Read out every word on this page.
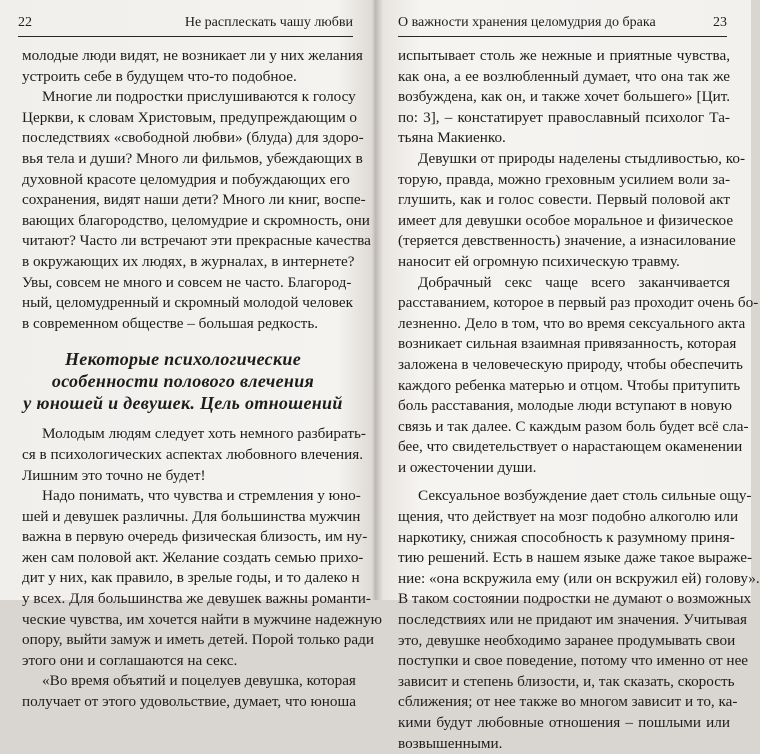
22	Не расплескать чашу любви
молодые люди видят, не возникает ли у них желания
устроить себе в будущем что-то подобное.
Многие ли подростки прислушиваются к голосу
Церкви, к словам Христовым, предупреждающим о
последствиях «свободной любви» (блуда) для здоро-
вья тела и души? Много ли фильмов, убеждающих в
духовной красоте целомудрия и побуждающих его
сохранения, видят наши дети? Много ли книг, воспе-
вающих благородство, целомудрие и скромность, они
читают? Часто ли встречают эти прекрасные качества
в окружающих их людях, в журналах, в интернете?
Увы, совсем не много и совсем не часто. Благород-
ный, целомудренный и скромный молодой человек
в современном обществе – большая редкость.
Некоторые психологические
особенности полового влечения
у юношей и девушек. Цель отношений
Молодым людям следует хоть немного разбирать-
ся в психологических аспектах любовного влечения.
Лишним это точно не будет!
Надо понимать, что чувства и стремления у юно-
шей и девушек различны. Для большинства мужчин
важна в первую очередь физическая близость, им ну-
жен сам половой акт. Желание создать семью прихо-
дит у них, как правило, в зрелые годы, и то далеко н
у всех. Для большинства же девушек важны романти-
ческие чувства, им хочется найти в мужчине надежную
опору, выйти замуж и иметь детей. Порой только ради
этого они и соглашаются на секс.
«Во время объятий и поцелуев девушка, которая
получает от этого удовольствие, думает, что юноша
О важности хранения целомудрия до брака	23
испытывает столь же нежные и приятные чувства,
как она, а ее возлюбленный думает, что она так же
возбуждена, как он, и также хочет большего» [Цит.
по: 3], – констатирует православный психолог Та-
тьяна Макиенко.
Девушки от природы наделены стыдливостью, ко-
торую, правда, можно греховным усилием воли за-
глушить, как и голос совести. Первый половой акт
имеет для девушки особое моральное и физическое
(теряется девственность) значение, а изнасилование
наносит ей огромную психическую травму.
Добрачный секс чаще всего заканчивается
расставанием, которое в первый раз проходит очень бо-
лезненно. Дело в том, что во время сексуального акта
возникает сильная взаимная привязанность, которая
заложена в человеческую природу, чтобы обеспечить
каждого ребенка матерью и отцом. Чтобы притупить
боль расставания, молодые люди вступают в новую
связь и так далее. С каждым разом боль будет всё сла-
бее, что свидетельствует о нарастающем окаменении
и ожесточении души.
Сексуальное возбуждение дает столь сильные ощу-
щения, что действует на мозг подобно алкоголю или
наркотику, снижая способность к разумному приня-
тию решений. Есть в нашем языке даже такое выраже-
ние: «она вскружила ему (или он вскружил ей) голову».
В таком состоянии подростки не думают о возможных
последствиях или не придают им значения. Учитывая
это, девушке необходимо заранее продумывать свои
поступки и свое поведение, потому что именно от нее
зависит и степень близости, и, так сказать, скорость
сближения; от нее также во многом зависит и то, ка-
кими будут любовные отношения – пошлыми или
возвышенными.
